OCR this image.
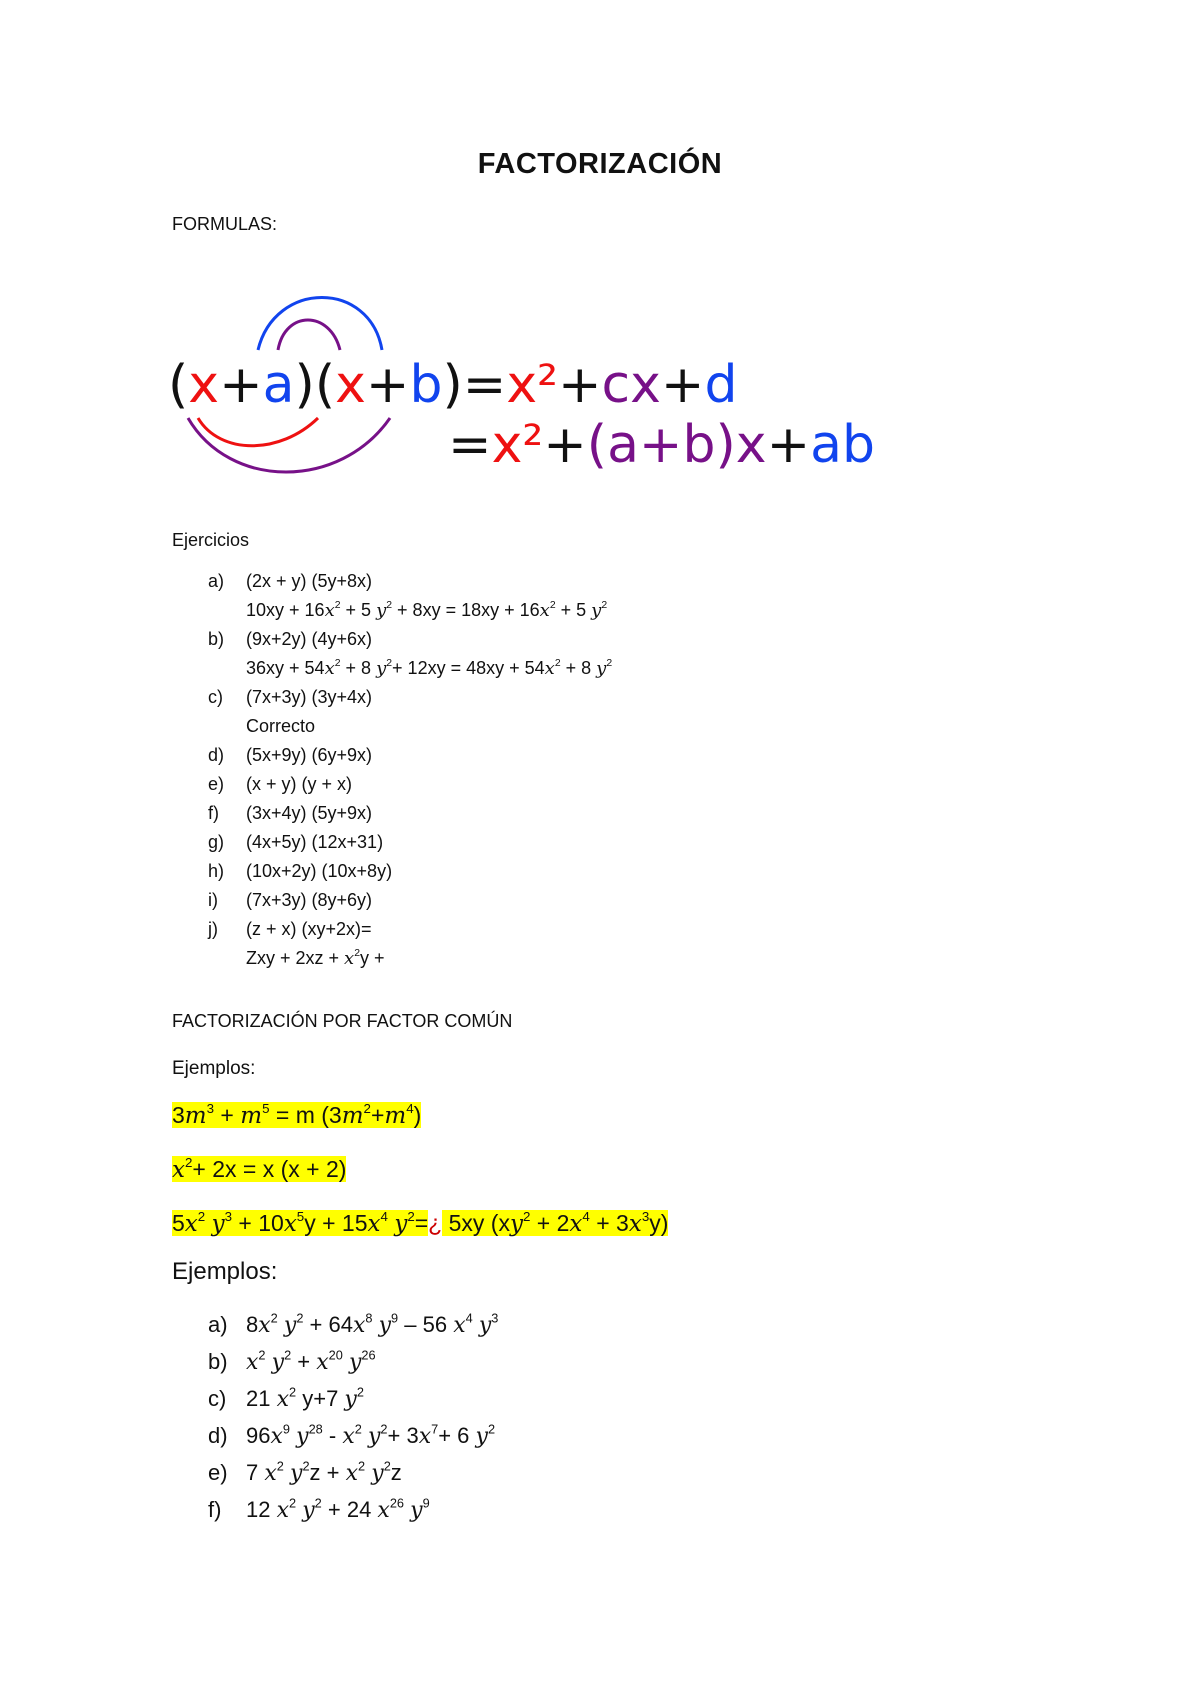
FACTORIZACIÓN
FORMULAS:
(x+a)(x+b)=x²+cx+d
=x²+(a+b)x+ab
Ejercicios
a)	(2x + y) (5y+8x)
$10xy + 16x^2 + 5$ $y^2 + 8xy = 18xy + 16x^2 + 5$ $y^2$
b)	(9x+2y) (4y+6x)
$36xy + 54x^2 + 8$ $y^2+ 12xy = 48xy + 54x^2 + 8$ $y^2$
c)	(7x+3y) (3y+4x)
Correcto
d)	(5x+9y) (6y+9x)
e)	(x + y) (y + x)
f)	(3x+4y) (5y+9x)
g)	(4x+5y) (12x+31)
h)	(10x+2y) (10x+8y)
i)	(7x+3y) (8y+6y)
j)	(z + x) (xy+2x)=
Zxy + $2xz + x^2y$ +
FACTORIZACIÓN POR FACTOR COMÚN
Ejemplos:
$3m^3 + m^5 = m$ $(3m^2+m^4)$
$x^2+ 2x = x$ (x + 2)
$5x^2$ $y^3 + 10x^5y + 15x^4$ $y^2=¿$ 5xy $(xy^2 + 2x^4 + 3x^3y)$
Ejemplos:
a) $8x^2$ $y^2 + 64x^8$ $y^9 - 56$ $x^4$ $y^3$
b) $x^2$ $y^2 + x^{20}$ $y^{26}$
c) 21 $x^2$ y+7 $y^2$
d) $96x^9$ $y^{28} - x^2$ $y^2+ 3x^7+ 6$ $y^2$
e) 7 $x^2$ $y^2z + x^2$ $y^2z$
f) 12 $x^2$ $y^2 + 24$ $x^{26}$ $y^9$
